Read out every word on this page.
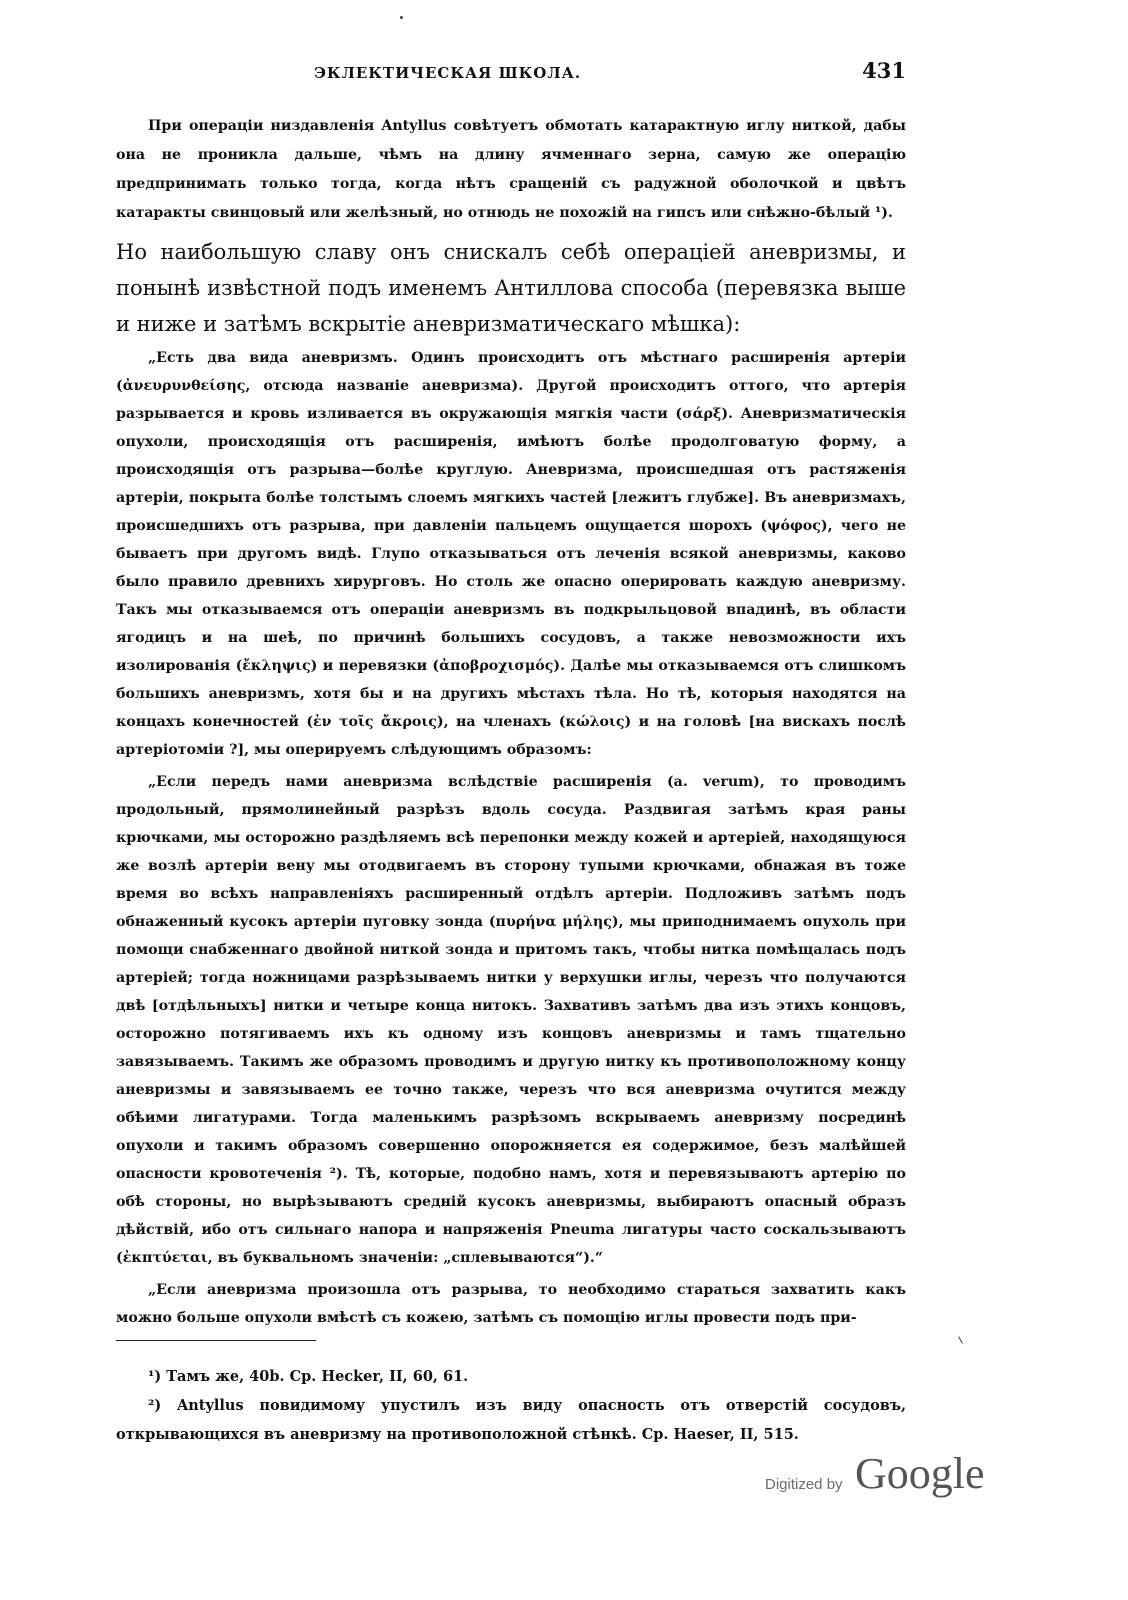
ЭКЛЕКТИЧЕСКАЯ ШКОЛА.	431

При операціи низдавленія Antyllus совѣтуетъ обмотать катарактную иглу ниткой, дабы она не проникла дальше, чѣмъ на длину ячменнаго зерна, самую же операцію предпринимать только тогда, когда нѣтъ сращеній съ радужной оболочкой и цвѣтъ катаракты свинцовый или желѣзный, но отнюдь не похожій на гипсъ или снѣжно-бѣлый ¹).

Но наибольшую славу онъ снискалъ себѣ операціей аневризмы, и понынѣ извѣстной подъ именемъ Антиллова способа (перевязка выше и ниже и затѣмъ вскрытіе аневризматическаго мѣшка):

„Есть два вида аневризмъ. Одинъ происходитъ отъ мѣстнаго расширенія артеріи (ἀνευρυνθείσης, отсюда названіе аневризма). Другой происходитъ оттого, что артерія разрывается и кровь изливается въ окружающія мягкія части (σάρξ). Аневризматическія опухоли, происходящія отъ расширенія, имѣютъ болѣе продолговатую форму, а происходящія отъ разрыва—болѣе круглую. Аневризма, происшедшая отъ растяженія артеріи, покрыта болѣе толстымъ слоемъ мягкихъ частей [лежитъ глубже]. Въ аневризмахъ, происшедшихъ отъ разрыва, при давленіи пальцемъ ощущается шорохъ (ψόφος), чего не бываетъ при другомъ видѣ. Глупо отказываться отъ леченія всякой аневризмы, каково было правило древнихъ хирурговъ. Но столь же опасно оперировать каждую аневризму. Такъ мы отказываемся отъ операціи аневризмъ въ подкрыльцовой впадинѣ, въ области ягодицъ и на шеѣ, по причинѣ большихъ сосудовъ, а также невозможности ихъ изолированія (ἔκληψις) и перевязки (ἀποβροχισμός). Далѣе мы отказываемся отъ слишкомъ большихъ аневризмъ, хотя бы и на другихъ мѣстахъ тѣла. Но тѣ, которыя находятся на концахъ конечностей (ἐν τοῖς ἄκροις), на членахъ (κώλοις) и на головѣ [на вискахъ послѣ артеріотоміи ?], мы оперируемъ слѣдующимъ образомъ:

„Если передъ нами аневризма вслѣдствіе расширенія (a. verum), то проводимъ продольный, прямолинейный разрѣзъ вдоль сосуда. Раздвигая затѣмъ края раны крючками, мы осторожно раздѣляемъ всѣ перепонки между кожей и артеріей, находящуюся же возлѣ артеріи вену мы отодвигаемъ въ сторону тупыми крючками, обнажая въ тоже время во всѣхъ направленіяхъ расширенный отдѣлъ артеріи. Подложивъ затѣмъ подъ обнаженный кусокъ артеріи пуговку зонда (πυρήνα μήλης), мы приподнимаемъ опухоль при помощи снабженнаго двойной ниткой зонда и притомъ такъ, чтобы нитка помѣщалась подъ артеріей; тогда ножницами разрѣзываемъ нитки у верхушки иглы, черезъ что получаются двѣ [отдѣльныхъ] нитки и четыре конца нитокъ. Захвативъ затѣмъ два изъ этихъ концовъ, осторожно потягиваемъ ихъ къ одному изъ концовъ аневризмы и тамъ тщательно завязываемъ. Такимъ же образомъ проводимъ и другую нитку къ противоположному концу аневризмы и завязываемъ ее точно также, черезъ что вся аневризма очутится между обѣими лигатурами. Тогда маленькимъ разрѣзомъ вскрываемъ аневризму посрединѣ опухоли и такимъ образомъ совершенно опорожняется ея содержимое, безъ малѣйшей опасности кровотеченія ²). Тѣ, которые, подобно намъ, хотя и перевязываютъ артерію по обѣ стороны, но вырѣзываютъ средній кусокъ аневризмы, выбираютъ опасный образъ дѣйствій, ибо отъ сильнаго напора и напряженія Pneuma лигатуры часто соскальзываютъ (ἐκπτύεται, въ буквальномъ значеніи: „сплевываются“).“

„Если аневризма произошла отъ разрыва, то необходимо стараться захватить какъ можно больше опухоли вмѣстѣ съ кожею, затѣмъ съ помощію иглы провести подъ при-

¹) Тамъ же, 40b. Ср. Hecker, II, 60, 61.

²) Antyllus повидимому упустилъ изъ виду опасность отъ отверстій сосудовъ, открывающихся въ аневризму на противоположной стѣнкѣ. Ср. Haeser, II, 515.

Digitized by Google
